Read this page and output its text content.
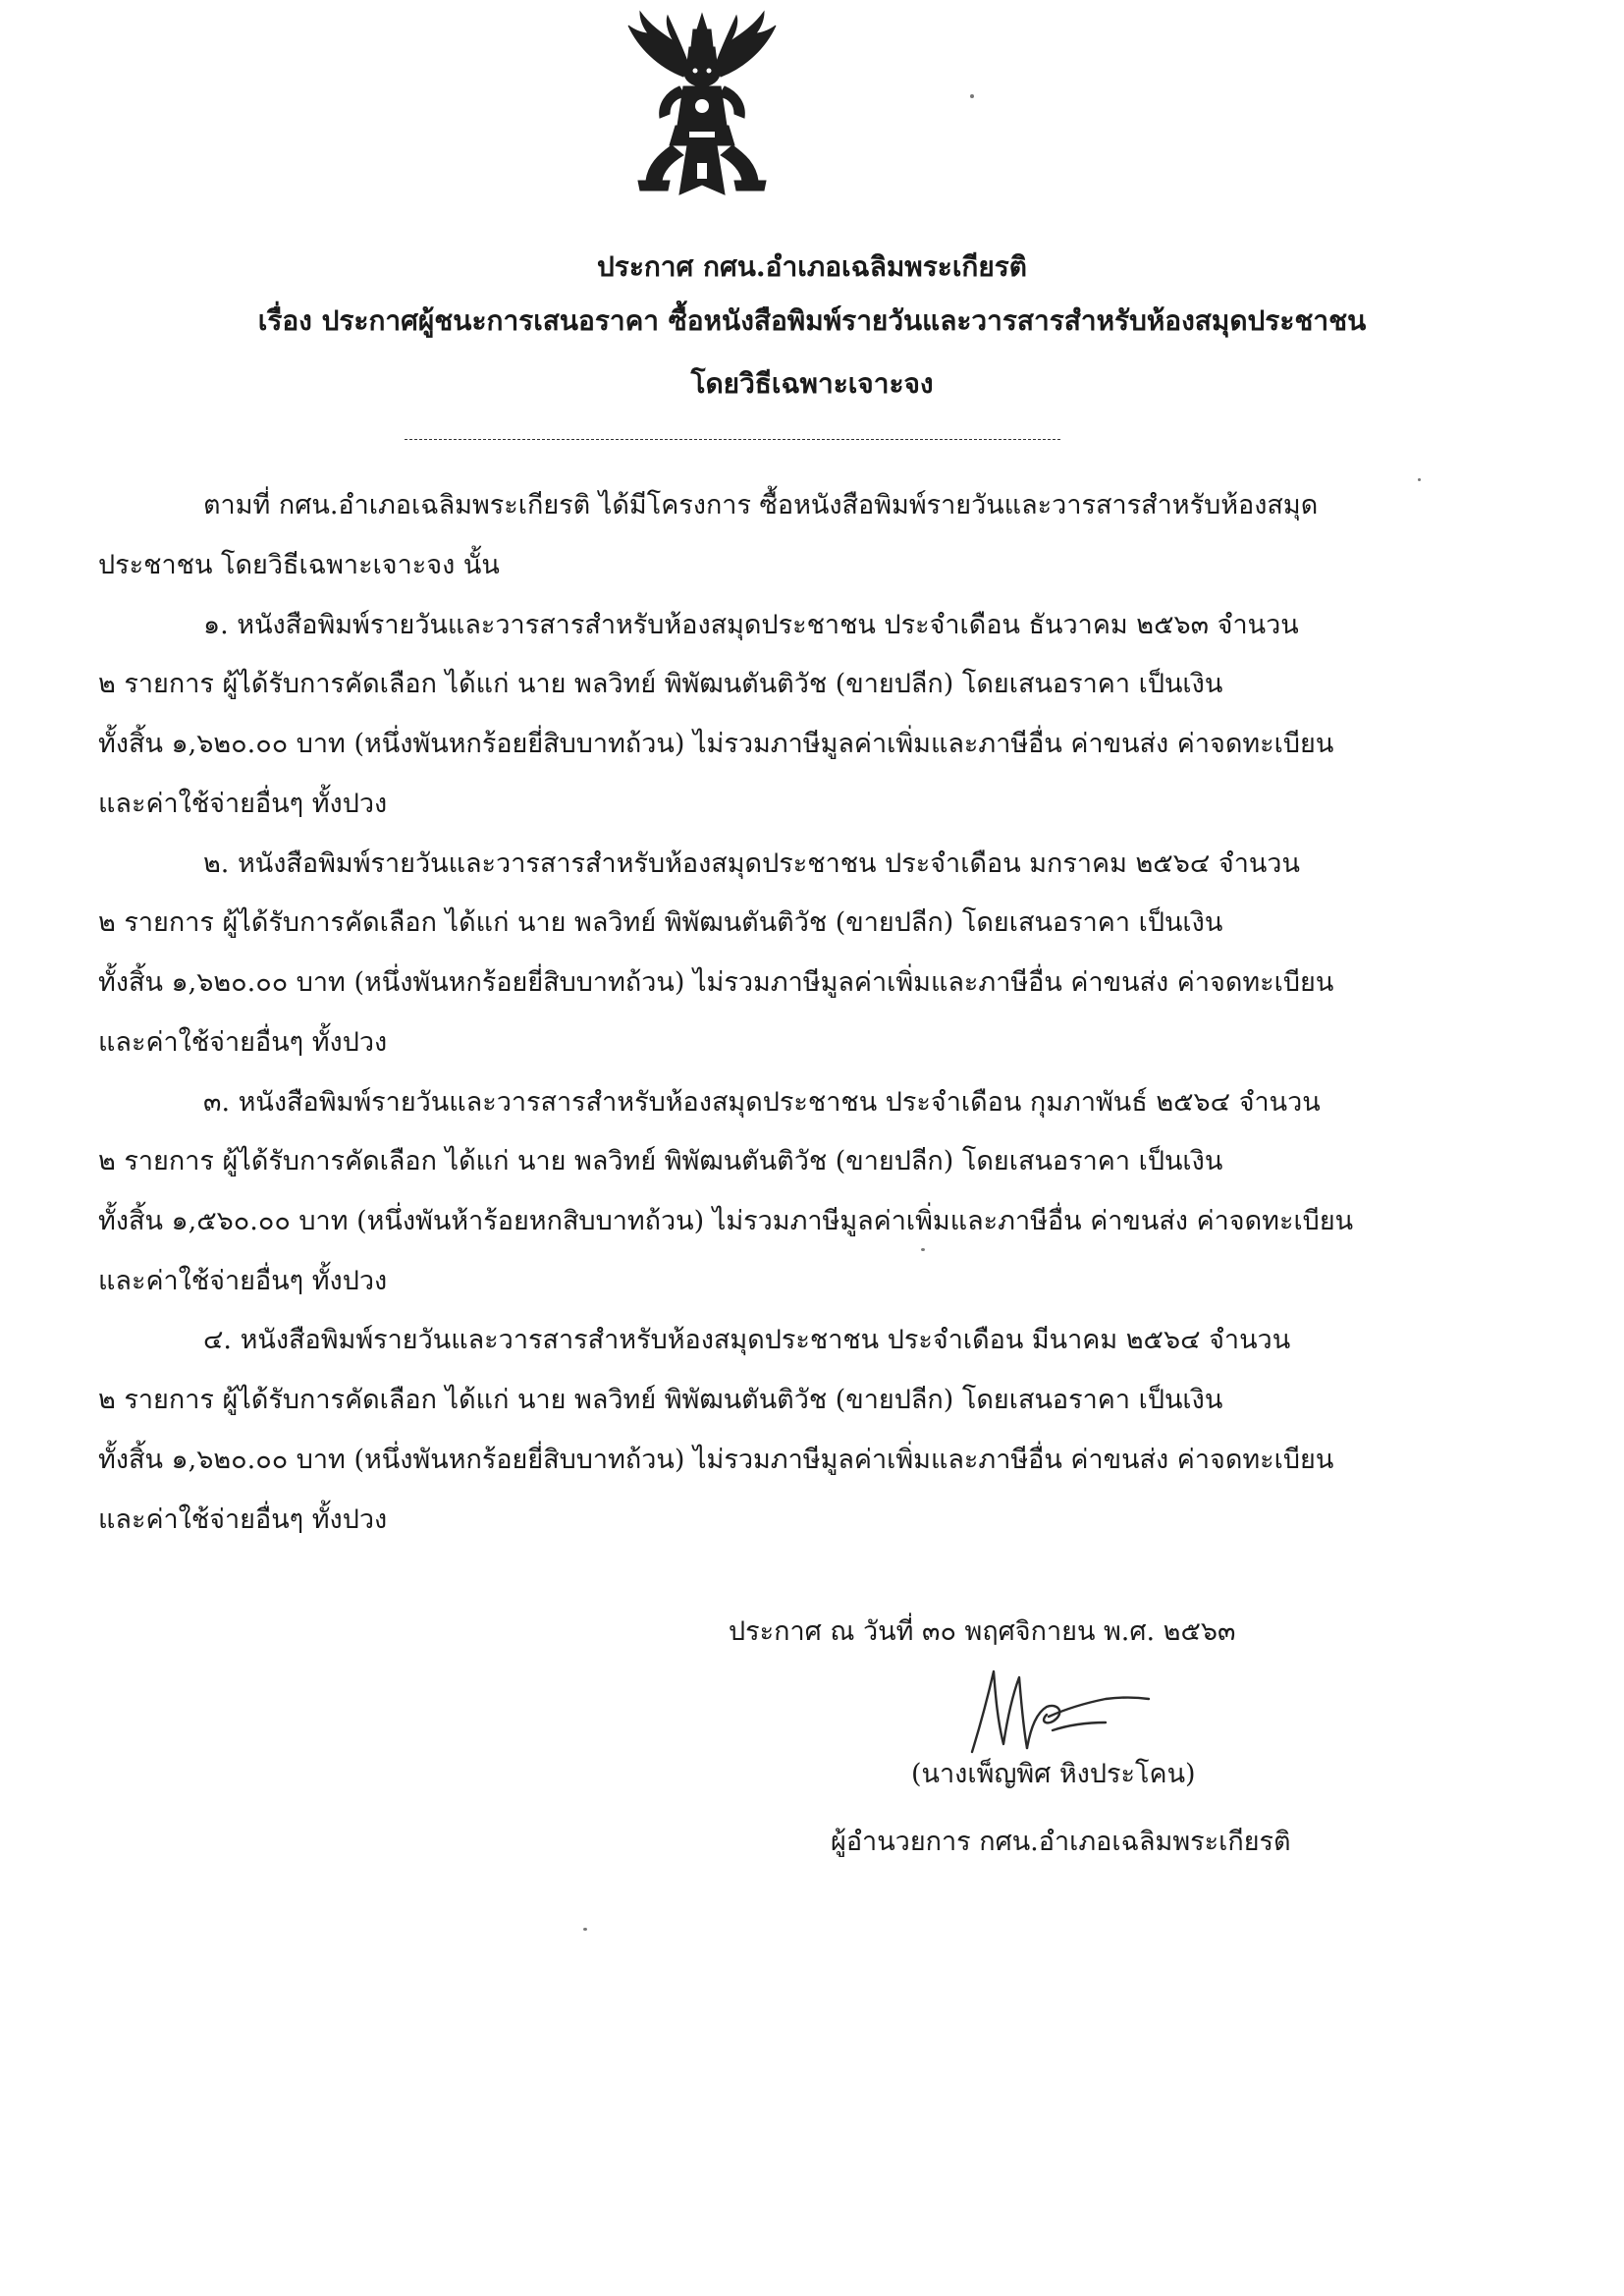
ประกาศ กศน.อำเภอเฉลิมพระเกียรติ
เรื่อง ประกาศผู้ชนะการเสนอราคา ซื้อหนังสือพิมพ์รายวันและวารสารสำหรับห้องสมุดประชาชน
โดยวิธีเฉพาะเจาะจง
ตามที่ กศน.อำเภอเฉลิมพระเกียรติ ได้มีโครงการ ซื้อหนังสือพิมพ์รายวันและวารสารสำหรับห้องสมุด
ประชาชน โดยวิธีเฉพาะเจาะจง นั้น
๑. หนังสือพิมพ์รายวันและวารสารสำหรับห้องสมุดประชาชน ประจำเดือน ธันวาคม ๒๕๖๓ จำนวน
๒ รายการ ผู้ได้รับการคัดเลือก ได้แก่ นาย พลวิทย์ พิพัฒนตันติวัช (ขายปลีก) โดยเสนอราคา เป็นเงิน
ทั้งสิ้น ๑,๖๒๐.๐๐ บาท (หนึ่งพันหกร้อยยี่สิบบาทถ้วน) ไม่รวมภาษีมูลค่าเพิ่มและภาษีอื่น ค่าขนส่ง ค่าจดทะเบียน
และค่าใช้จ่ายอื่นๆ ทั้งปวง
๒. หนังสือพิมพ์รายวันและวารสารสำหรับห้องสมุดประชาชน ประจำเดือน มกราคม ๒๕๖๔ จำนวน
๒ รายการ ผู้ได้รับการคัดเลือก ได้แก่ นาย พลวิทย์ พิพัฒนตันติวัช (ขายปลีก) โดยเสนอราคา เป็นเงิน
ทั้งสิ้น ๑,๖๒๐.๐๐ บาท (หนึ่งพันหกร้อยยี่สิบบาทถ้วน) ไม่รวมภาษีมูลค่าเพิ่มและภาษีอื่น ค่าขนส่ง ค่าจดทะเบียน
และค่าใช้จ่ายอื่นๆ ทั้งปวง
๓. หนังสือพิมพ์รายวันและวารสารสำหรับห้องสมุดประชาชน ประจำเดือน กุมภาพันธ์ ๒๕๖๔ จำนวน
๒ รายการ ผู้ได้รับการคัดเลือก ได้แก่ นาย พลวิทย์ พิพัฒนตันติวัช (ขายปลีก) โดยเสนอราคา เป็นเงิน
ทั้งสิ้น ๑,๕๖๐.๐๐ บาท (หนึ่งพันห้าร้อยหกสิบบาทถ้วน) ไม่รวมภาษีมูลค่าเพิ่มและภาษีอื่น ค่าขนส่ง ค่าจดทะเบียน
และค่าใช้จ่ายอื่นๆ ทั้งปวง
๔. หนังสือพิมพ์รายวันและวารสารสำหรับห้องสมุดประชาชน ประจำเดือน มีนาคม ๒๕๖๔ จำนวน
๒ รายการ ผู้ได้รับการคัดเลือก ได้แก่ นาย พลวิทย์ พิพัฒนตันติวัช (ขายปลีก) โดยเสนอราคา เป็นเงิน
ทั้งสิ้น ๑,๖๒๐.๐๐ บาท (หนึ่งพันหกร้อยยี่สิบบาทถ้วน) ไม่รวมภาษีมูลค่าเพิ่มและภาษีอื่น ค่าขนส่ง ค่าจดทะเบียน
และค่าใช้จ่ายอื่นๆ ทั้งปวง
ประกาศ ณ วันที่ ๓๐ พฤศจิกายน พ.ศ. ๒๕๖๓
(นางเพ็ญพิศ หิงประโคน)
ผู้อำนวยการ กศน.อำเภอเฉลิมพระเกียรติ
